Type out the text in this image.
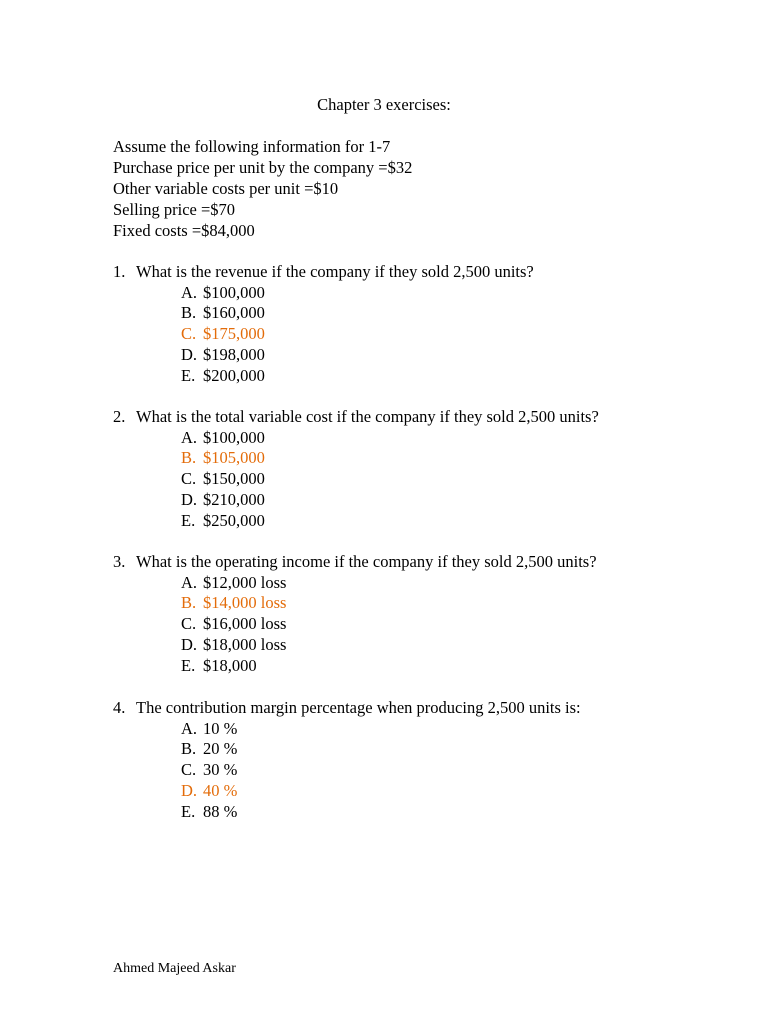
Chapter 3 exercises:
Assume the following information for 1-7
Purchase price per unit by the company =$32
Other variable costs per unit =$10
Selling price =$70
Fixed costs =$84,000
1. What is the revenue if the company if they sold 2,500 units?
A. $100,000
B. $160,000
C. $175,000
D. $198,000
E. $200,000
2. What is the total variable cost if the company if they sold 2,500 units?
A. $100,000
B. $105,000
C. $150,000
D. $210,000
E. $250,000
3. What is the operating income if the company if they sold 2,500 units?
A. $12,000 loss
B. $14,000 loss
C. $16,000 loss
D. $18,000 loss
E. $18,000
4. The contribution margin percentage when producing 2,500 units is:
A. 10 %
B. 20 %
C. 30 %
D. 40 %
E. 88 %
Ahmed Majeed Askar
